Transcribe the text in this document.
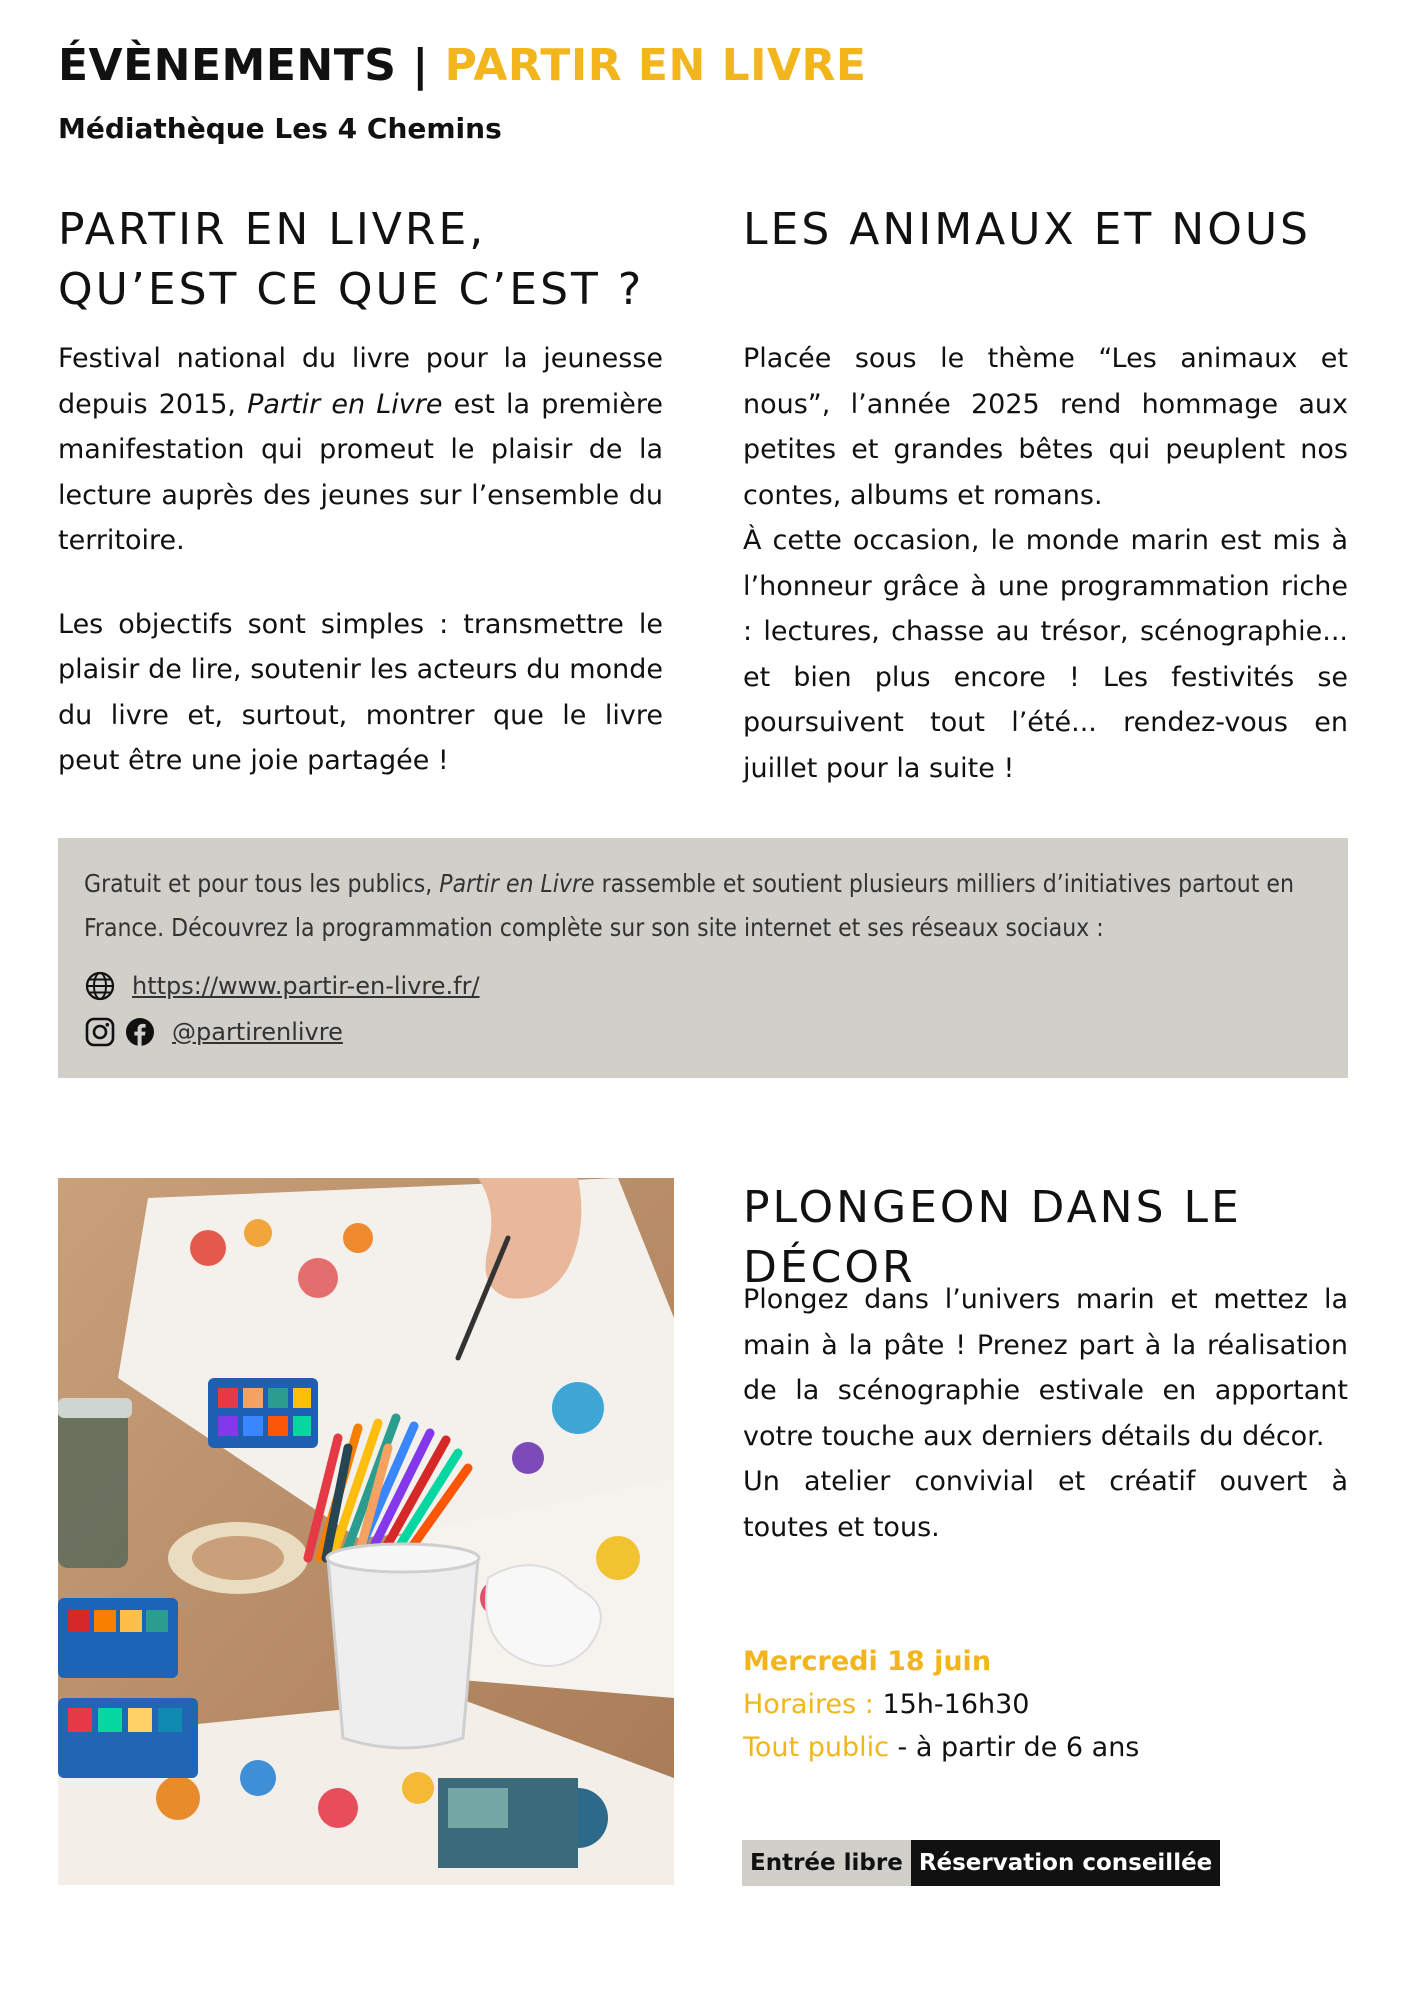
ÉVÈNEMENTS | PARTIR EN LIVRE
Médiathèque Les 4 Chemins
PARTIR EN LIVRE, QU’EST CE QUE C’EST ?

Festival national du livre pour la jeunesse depuis 2015, Partir en Livre est la première manifestation qui promeut le plaisir de la lecture auprès des jeunes sur l’ensemble du territoire.

Les objectifs sont simples : transmettre le plaisir de lire, soutenir les acteurs du monde du livre et, surtout, montrer que le livre peut être une joie partagée !

LES ANIMAUX ET NOUS

Placée sous le thème “Les animaux et nous”, l’année 2025 rend hommage aux petites et grandes bêtes qui peuplent nos contes, albums et romans.

À cette occasion, le monde marin est mis à l’honneur grâce à une programmation riche : lectures, chasse au trésor, scénographie... et bien plus encore ! Les festivités se poursuivent tout l’été... rendez-vous en juillet pour la suite !

Gratuit et pour tous les publics, Partir en Livre rassemble et soutient plusieurs milliers d’initiatives partout en France. Découvrez la programmation complète sur son site internet et ses réseaux sociaux :

https://www.partir-en-livre.fr/
@partirenlivre
PLONGEON DANS LE DÉCOR

Plongez dans l’univers marin et mettez la main à la pâte ! Prenez part à la réalisation de la scénographie estivale en apportant votre touche aux derniers détails du décor.

Un atelier convivial et créatif ouvert à toutes et tous.

Mercredi 18 juin
Horaires : 15h-16h30
Tout public - à partir de 6 ans
Entrée libre Réservation conseillée
